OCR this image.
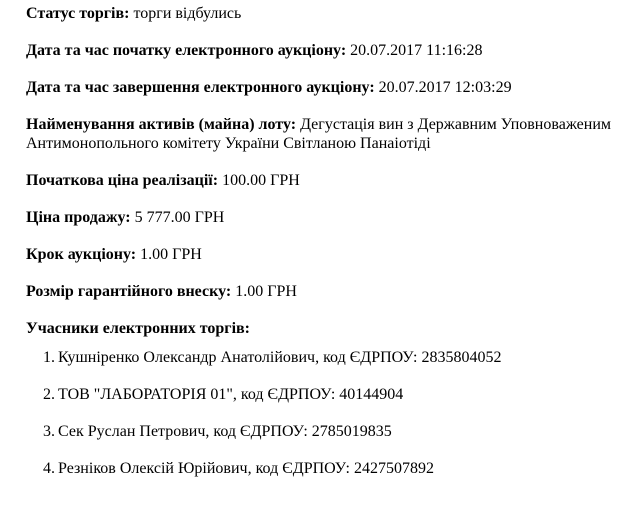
Статус торгів: торги відбулись

Дата та час початку електронного аукціону: 20.07.2017 11:16:28

Дата та час завершення електронного аукціону: 20.07.2017 12:03:29

Найменування активів (майна) лоту: Дегустація вин з Державним Уповноваженим Антимонопольного комітету України Світланою Панаіотіді

Початкова ціна реалізації: 100.00 ГРН

Ціна продажу: 5 777.00 ГРН

Крок аукціону: 1.00 ГРН

Розмір гарантійного внеску: 1.00 ГРН

Учасники електронних торгів:

1. Кушніренко Олександр Анатолійович, код ЄДРПОУ: 2835804052
2. ТОВ "ЛАБОРАТОРІЯ 01", код ЄДРПОУ: 40144904
3. Сек Руслан Петрович, код ЄДРПОУ: 2785019835
4. Резніков Олексій Юрійович, код ЄДРПОУ: 2427507892
